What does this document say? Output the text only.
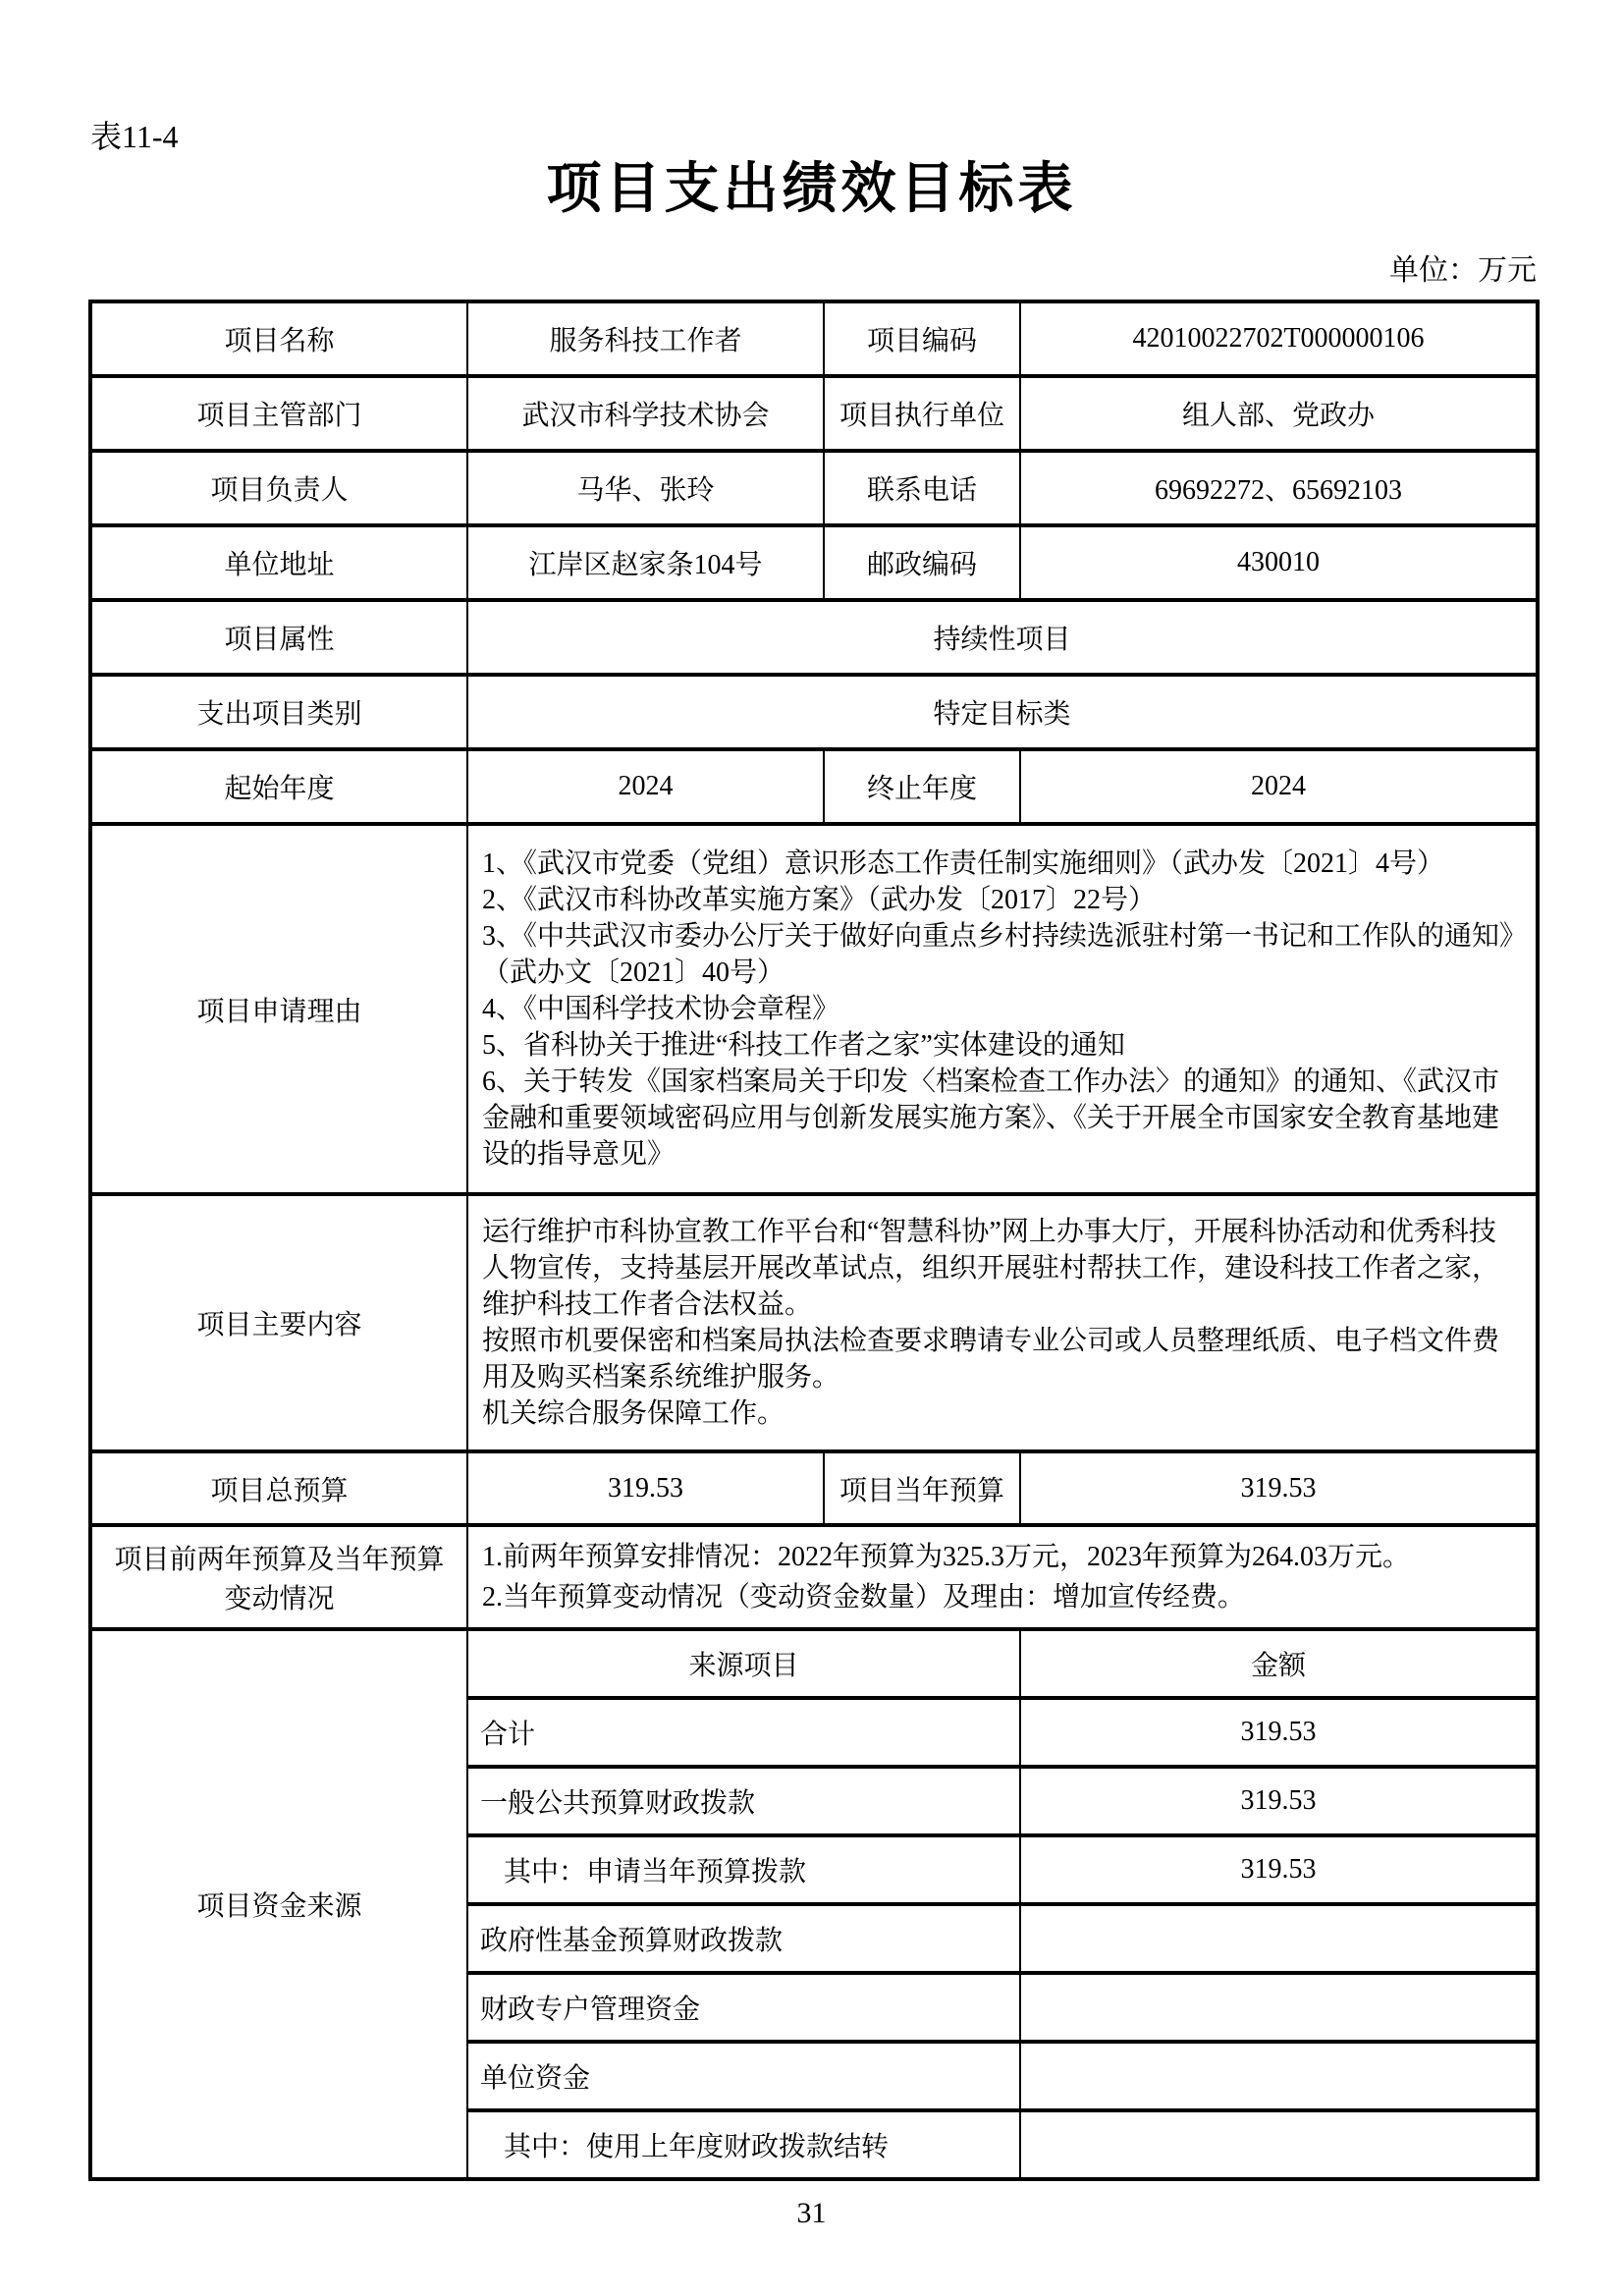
表11-4
项目支出绩效目标表
单位：万元
项目名称	服务科技工作者	项目编码	42010022702T000000106
项目主管部门	武汉市科学技术协会	项目执行单位	组人部、党政办
项目负责人	马华、张玲	联系电话	69692272、65692103
单位地址	江岸区赵家条104号	邮政编码	430010
项目属性	持续性项目		
支出项目类别	特定目标类		
起始年度	2024	终止年度	2024
项目申请理由	
1、《武汉市党委（党组）意识形态工作责任制实施细则》（武办发〔2021〕4号）
2、《武汉市科协改革实施方案》（武办发〔2017〕22号）
3、《中共武汉市委办公厅关于做好向重点乡村持续选派驻村第一书记和工作队的通知》（武办文〔2021〕40号）
4、《中国科学技术协会章程》
5、省科协关于推进“科技工作者之家”实体建设的通知
6、关于转发《国家档案局关于印发〈档案检查工作办法〉的通知》的通知、《武汉市金融和重要领域密码应用与创新发展实施方案》、《关于开展全市国家安全教育基地建设的指导意见》

项目主要内容	运行维护市科协宣教工作平台和“智慧科协”网上办事大厅，开展科协活动和优秀科技人物宣传，支持基层开展改革试点，组织开展驻村帮扶工作，建设科技工作者之家，维护科技工作者合法权益。
按照市机要保密和档案局执法检查要求聘请专业公司或人员整理纸质、电子档文件费用及购买档案系统维护服务。
机关综合服务保障工作。		

项目总预算	319.53	项目当年预算	319.53

项目前两年预算及当年预算
变动情况

1.前两年预算安排情况：2022年预算为325.3万元，2023年预算为264.03万元。
2.当年预算变动情况（变动资金数量）及理由：增加宣传经费。

项目资金来源	来源项目		金额
	合计		319.53
	一般公共预算财政拨款		319.53
	其中：申请当年预算拨款		319.53
	政府性基金预算财政拨款		
	财政专户管理资金		
	单位资金		
	其中：使用上年度财政拨款结转		
31
